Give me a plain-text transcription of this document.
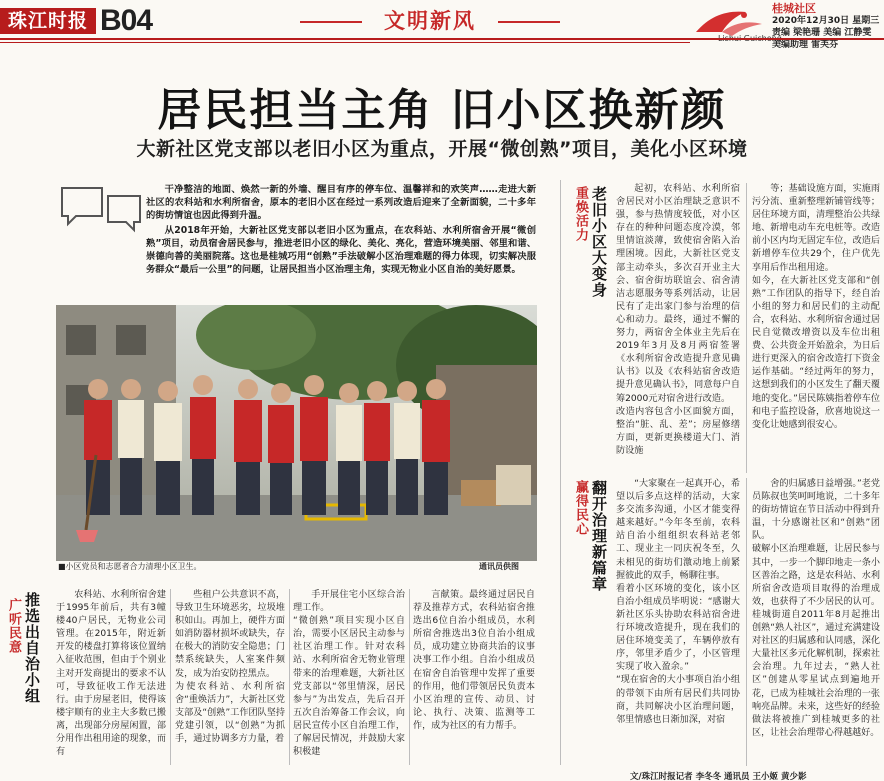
珠江时报 B04	文明新风
桂城社区
2020年12月30日 星期三
责编 梁艳珊 美编 江静雯
美编助理 雷芙芬
居民担当主角 旧小区换新颜
大新社区党支部以老旧小区为重点，开展“微创熟”项目，美化小区环境

干净整洁的地面、焕然一新的外墙、醒目有序的停车位、温馨祥和的欢笑声……走进大新社区的农科站和水利所宿舍，原本的老旧小区在经过一系列改造后迎来了全新面貌，二十多年的街坊情谊也因此得到升温。

从2018年开始，大新社区党支部以老旧小区为重点，在农科站、水利所宿舍开展“微创熟”项目，动员宿舍居民参与，推进老旧小区的绿化、美化、亮化，营造环境美丽、邻里和谐、崇德向善的美丽院落。这也是桂城巧用“创熟”手法破解小区治理难题的得力体现，切实解决服务群众“最后一公里”的问题，让居民担当小区治理主角，实现无物业小区自治的美好愿景。

■小区党员和志愿者合力清理小区卫生。	通讯员供图
广听民意 推选出自治小组
重焕活力 老旧小区大变身
赢得民心 翻开治理新篇章

农科站、水利所宿舍建于1995年前后，共有3幢楼40户居民，无物业公司管理。在2015年，附近新开发的楼盘打算将该位置纳入征收范围，但由于个别业主对开发商提出的要求不认可，导致征收工作无法进行。由于房屋老旧，使得该楼宇顺有的业主大多数已搬离，出现部分房屋闲置，部分用作出租用途的现象，而有

些租户公共意识不高，导致卫生环境恶劣，垃圾堆积如山。再加上，硬件方面如消防器材损坏或缺失，存在极大的消防安全隐患；门禁系统缺失，人室案件频发，成为治安防控黑点。
为使农科站、水利所宿舍“重焕活力”，大新社区党支部及“创熟”工作团队坚持党建引领，以“创熟”为抓手，通过协调多方力量，着

手开展住宅小区综合治理工作。
“微创熟”项目实现小区自治，需要小区居民主动参与社区治理工作。针对农科站、水利所宿舍无物业管理带来的治理难题，大新社区党支部以“邻里情深，居民参与”为出发点，先后召开五次自治筹备工作会议，向居民宣传小区自治理工作，了解居民情况，并鼓励大家积极建

言献策。最终通过居民自荐及推荐方式，农科站宿舍推选出6位自治小组成员，水利所宿舍推选出3位自治小组成员，成功建立协商共治的议事决事工作小组。自治小组成员在宿舍自治管理中发挥了重要的作用，他们带领居民负责本小区治理的宣传、动员、讨论、执行、决策、监测等工作，成为社区的有力帮手。

起初，农科站、水利所宿舍居民对小区治理缺乏意识不强，参与热情度较低，对小区存在的种种问题态度冷漠，邻里情谊淡薄，致使宿舍陷入治理困境。因此，大新社区党支部主动牵头，多次召开业主大会、宿舍街坊联谊会、宿舍清洁志愿服务等系列活动，让居民有了走出家门参与治理的信心和动力。最终，通过不懈的努力，两宿舍全体业主先后在2019年3月及8月两宿签署《水利所宿舍改造提升意见确认书》以及《农科站宿舍改造提升意见确认书》，同意每户自筹2000元对宿舍进行改造。
改造内容包含小区面貌方面，整治“脏、乱、差”；房屋修缮方面，更新更换楼道大门、消防设施

等；基础设施方面，实施雨污分流、重新整理新铺管线等；居住环境方面，清理整治公共绿地、新增电动车充电桩等。改造前小区内均无固定车位，改造后新增停车位共29个，住户优先享用后作出租用途。
如今，在大新社区党支部和“创熟”工作团队的指导下，经自治小组的努力和居民们的主动配合，农科站、水利所宿舍通过居民自觉微改增资以及车位出租费、公共资金开始盈余，为日后进行更深入的宿舍改造打下资金运作基础。“经过两年的努力，这想到我们的小区发生了翻天覆地的变化。”居民陈姨指着停车位和电子监控设备，欣喜地说这一变化让她感到很安心。

“大家聚在一起真开心，希望以后多点这样的活动，大家多交流多沟通，小区才能变得越来越好。”今年冬至前，农科站自治小组组织农科站老邻工、现业主一同庆祝冬至，久未相见的街坊们激动地上前紧握彼此的双手，畅聊往事。
看着小区环境的变化，该小区自治小组成员毕明说：“感谢大新社区乐头协助农科站宿舍进行环境改造提升，现在我们的居住环境变美了，车辆停放有序，邻里矛盾少了，小区管理实现了收入盈余。”
“现在宿舍的大小事项自治小组的带领下由所有居民们共同协商，共同解决小区治理问题，邻里情感也日渐加深，对宿

舍的归属感日益增强。”老党员陈叔也笑呵呵地说，二十多年的街坊情谊在节日活动中得到升温，十分感谢社区和“创熟”团队。
破解小区治理难题，让居民参与其中，一步一个脚印地走一条小区善治之路，这是农科站、水利所宿舍改造项目取得的治理成效，也获得了不少居民的认可。桂城街道自2011年8月起推出创熟“熟人社区”，通过充满建设对社区的归属感和认同感，深化大量社区多元化解机制，探索社会治理。九年过去，“熟人社区”创建从零星试点到遍地开花，已成为桂城社会治理的一张响亮品牌。未来，这些好的经验做法将被推广到桂城更多的社区，让社会治理带心得越越好。

文/珠江时报记者 李冬冬 通讯员 王小姬 黄少影
